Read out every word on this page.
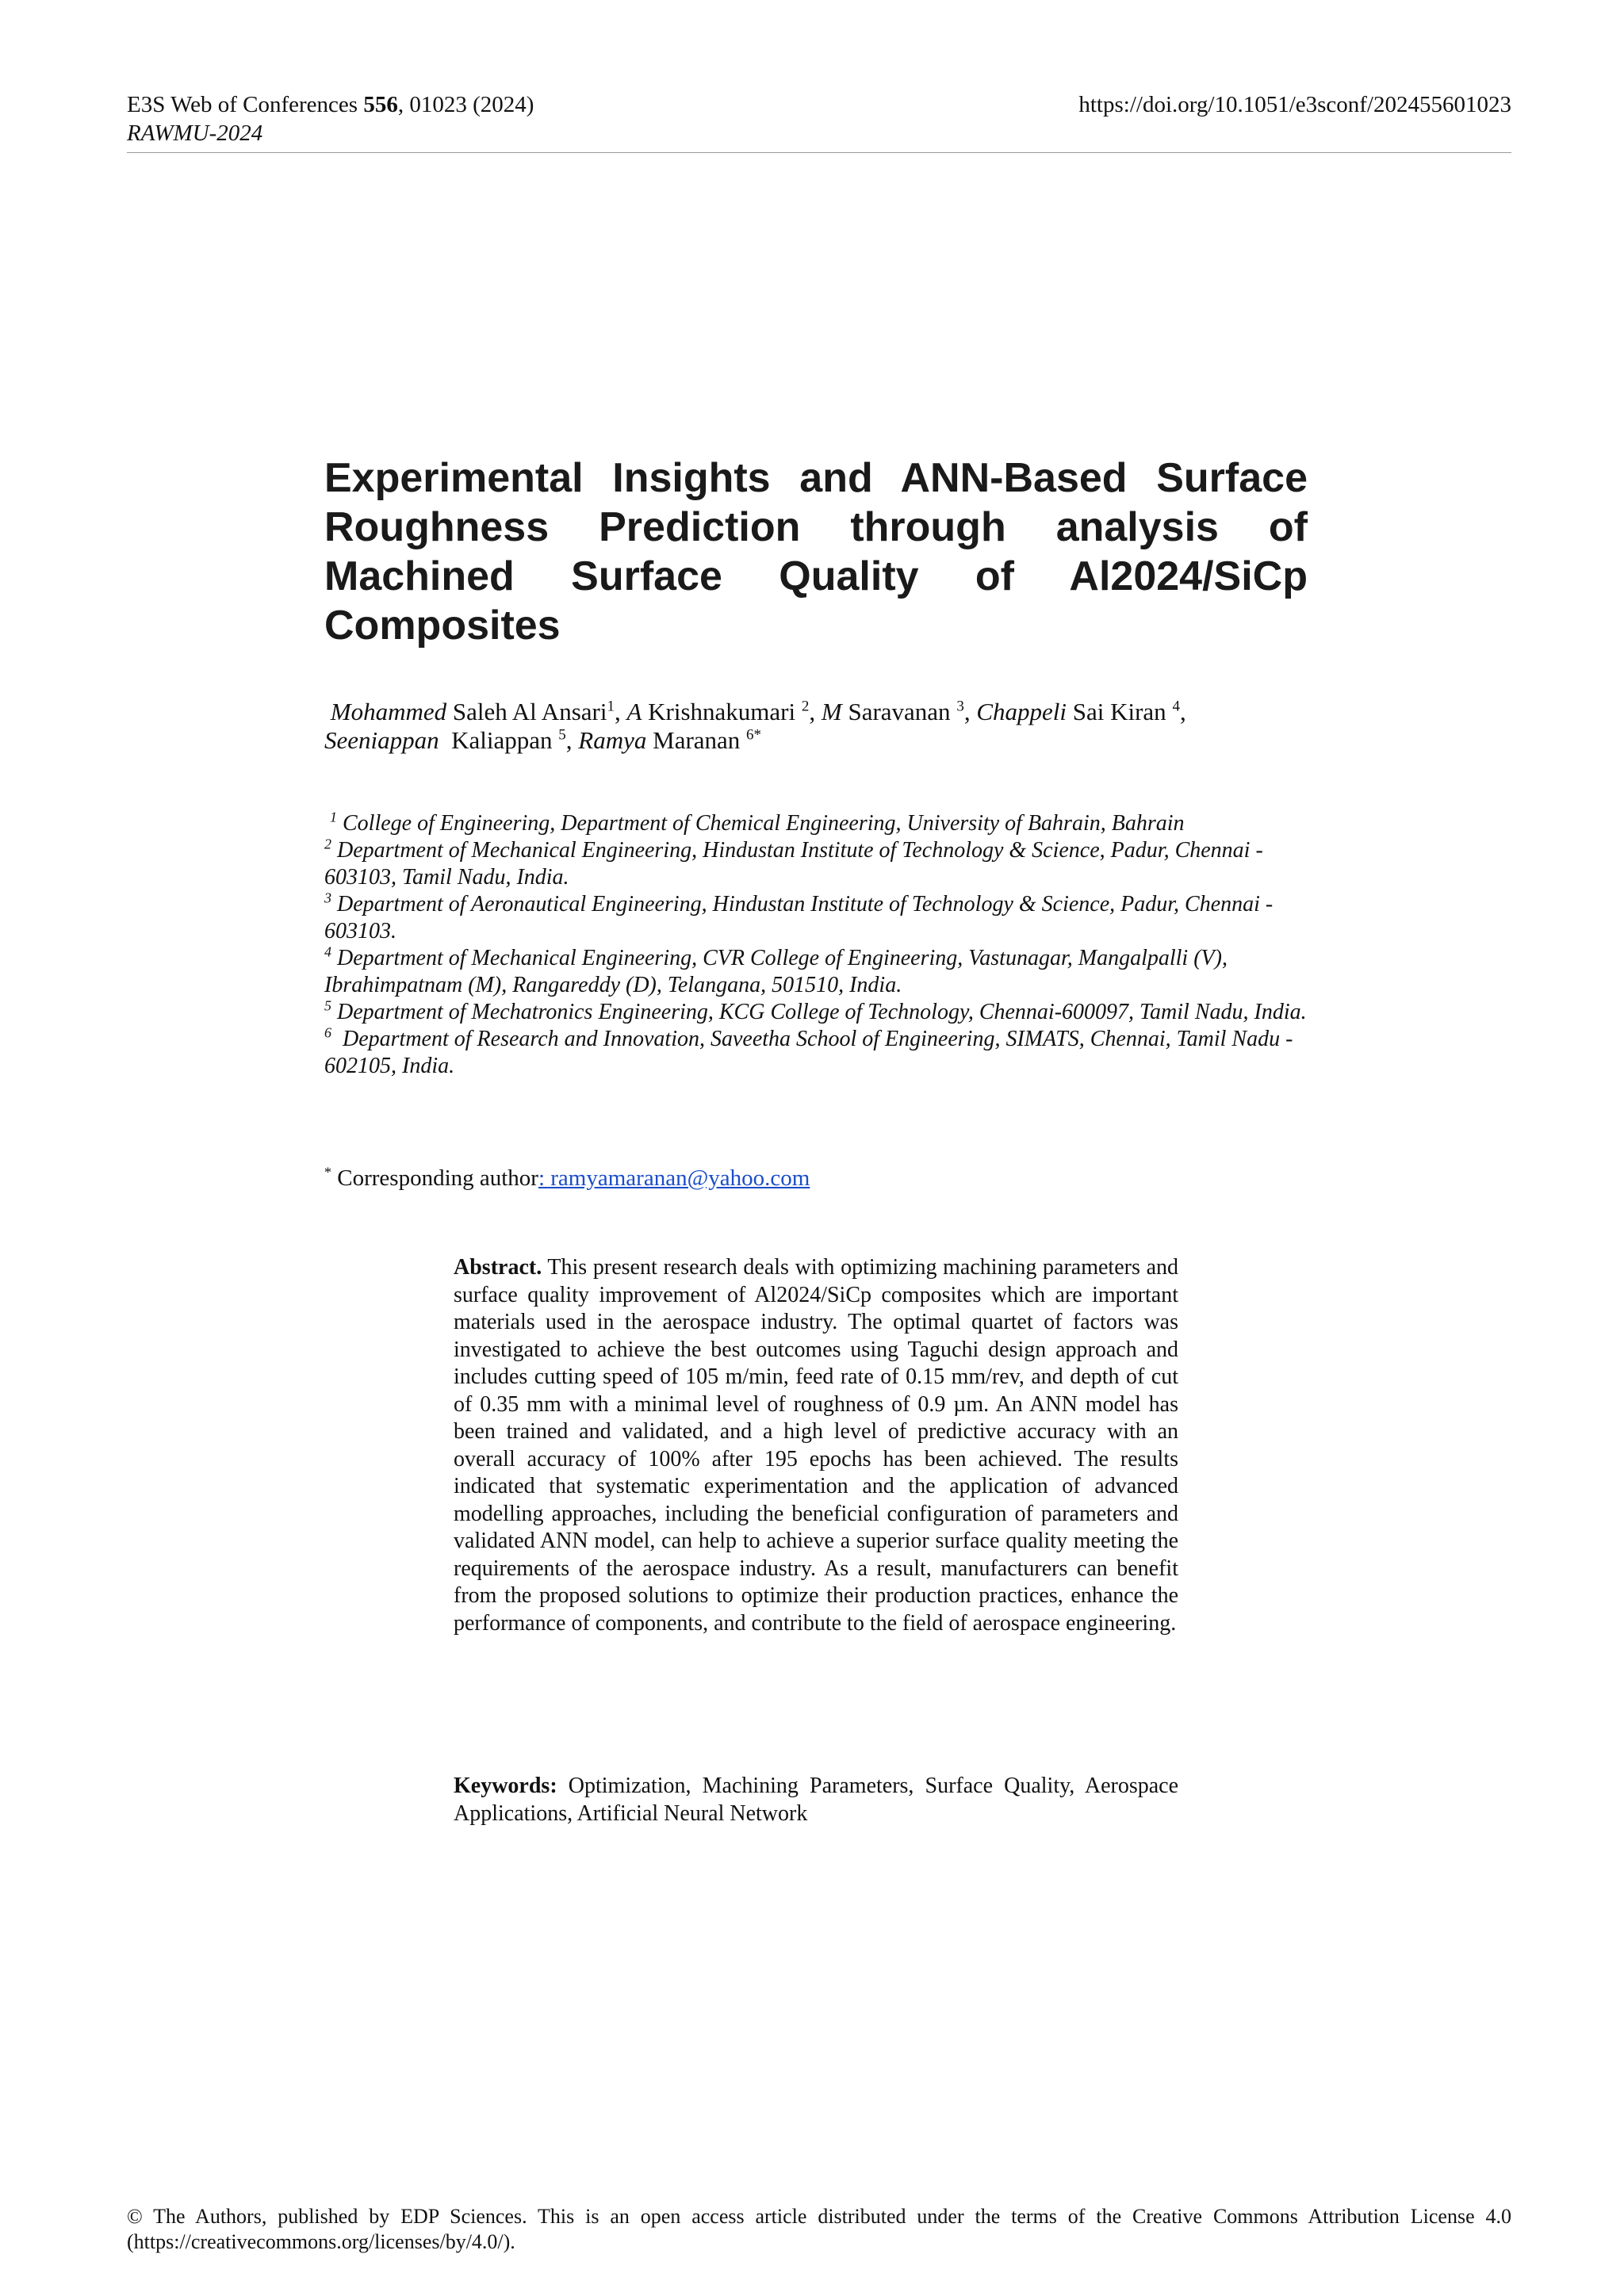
E3S Web of Conferences 556, 01023 (2024)
RAWMU-2024
https://doi.org/10.1051/e3sconf/202455601023
Experimental Insights and ANN-Based Surface Roughness Prediction through analysis of Machined Surface Quality of Al2024/SiCp Composites
Mohammed Saleh Al Ansari$^1$, A Krishnakumari $^2$, M Saravanan $^3$, Chappeli Sai Kiran $^4$,
Seeniappan  Kaliappan $^5$, Ramya Maranan $^{6*}$
$^1$ College of Engineering, Department of Chemical Engineering, University of Bahrain, Bahrain
$^2$ Department of Mechanical Engineering, Hindustan Institute of Technology & Science, Padur, Chennai - 603103, Tamil Nadu, India.
$^3$ Department of Aeronautical Engineering, Hindustan Institute of Technology & Science, Padur, Chennai - 603103.
$^4$ Department of Mechanical Engineering, CVR College of Engineering, Vastunagar, Mangalpalli (V), Ibrahimpatnam (M), Rangareddy (D), Telangana, 501510, India.
$^5$ Department of Mechatronics Engineering, KCG College of Technology, Chennai-600097, Tamil Nadu, India.
$^6$ Department of Research and Innovation, Saveetha School of Engineering, SIMATS, Chennai, Tamil Nadu - 602105, India.
* Corresponding author: ramyamaranan@yahoo.com
Abstract. This present research deals with optimizing machining parameters and surface quality improvement of Al2024/SiCp composites which are important materials used in the aerospace industry. The optimal quartet of factors was investigated to achieve the best outcomes using Taguchi design approach and includes cutting speed of 105 m/min, feed rate of 0.15 mm/rev, and depth of cut of 0.35 mm with a minimal level of roughness of 0.9 µm. An ANN model has been trained and validated, and a high level of predictive accuracy with an overall accuracy of 100% after 195 epochs has been achieved. The results indicated that systematic experimentation and the application of advanced modelling approaches, including the beneficial configuration of parameters and validated ANN model, can help to achieve a superior surface quality meeting the requirements of the aerospace industry. As a result, manufacturers can benefit from the proposed solutions to optimize their production practices, enhance the performance of components, and contribute to the field of aerospace engineering.
Keywords: Optimization, Machining Parameters, Surface Quality, Aerospace Applications, Artificial Neural Network
© The Authors, published by EDP Sciences. This is an open access article distributed under the terms of the Creative Commons Attribution License 4.0 (https://creativecommons.org/licenses/by/4.0/).
